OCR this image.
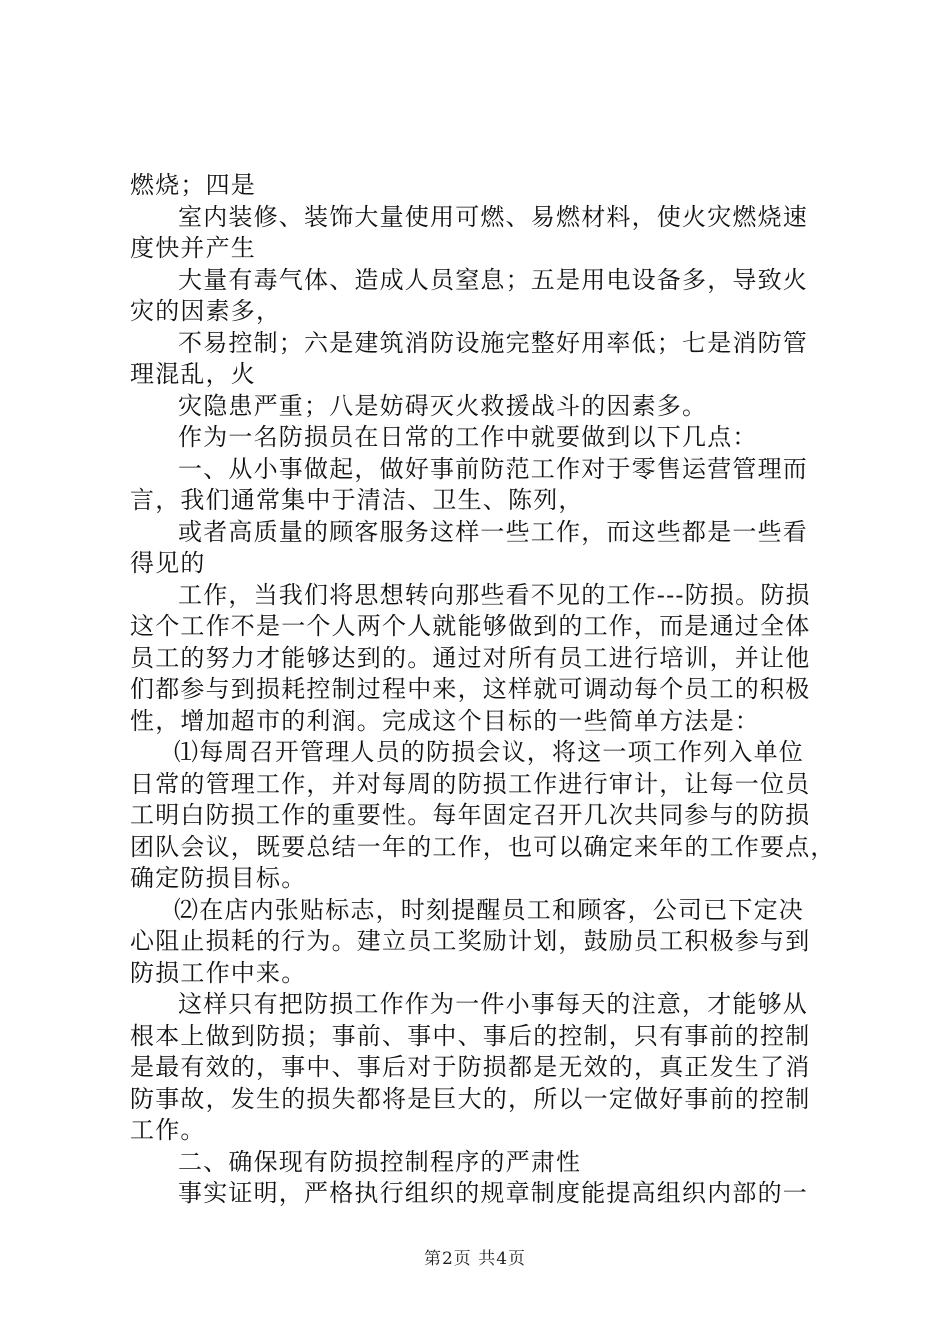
燃烧；四是
室内装修、装饰大量使用可燃、易燃材料，使火灾燃烧速
度快并产生
大量有毒气体、造成人员窒息；五是用电设备多，导致火
灾的因素多，
不易控制；六是建筑消防设施完整好用率低；七是消防管
理混乱，火
灾隐患严重；八是妨碍灭火救援战斗的因素多。
作为一名防损员在日常的工作中就要做到以下几点：
一、从小事做起，做好事前防范工作对于零售运营管理而
言，我们通常集中于清洁、卫生、陈列，
或者高质量的顾客服务这样一些工作，而这些都是一些看
得见的
工作，当我们将思想转向那些看不见的工作---防损。防损
这个工作不是一个人两个人就能够做到的工作，而是通过全体
员工的努力才能够达到的。通过对所有员工进行培训，并让他
们都参与到损耗控制过程中来，这样就可调动每个员工的积极
性，增加超市的利润。完成这个目标的一些简单方法是：
⑴每周召开管理人员的防损会议，将这一项工作列入单位
日常的管理工作，并对每周的防损工作进行审计，让每一位员
工明白防损工作的重要性。每年固定召开几次共同参与的防损
团队会议，既要总结一年的工作，也可以确定来年的工作要点，
确定防损目标。
⑵在店内张贴标志，时刻提醒员工和顾客，公司已下定决
心阻止损耗的行为。建立员工奖励计划，鼓励员工积极参与到
防损工作中来。
这样只有把防损工作作为一件小事每天的注意，才能够从
根本上做到防损；事前、事中、事后的控制，只有事前的控制
是最有效的，事中、事后对于防损都是无效的，真正发生了消
防事故，发生的损失都将是巨大的，所以一定做好事前的控制
工作。
二、确保现有防损控制程序的严肃性
事实证明，严格执行组织的规章制度能提高组织内部的一
第2页 共4页
